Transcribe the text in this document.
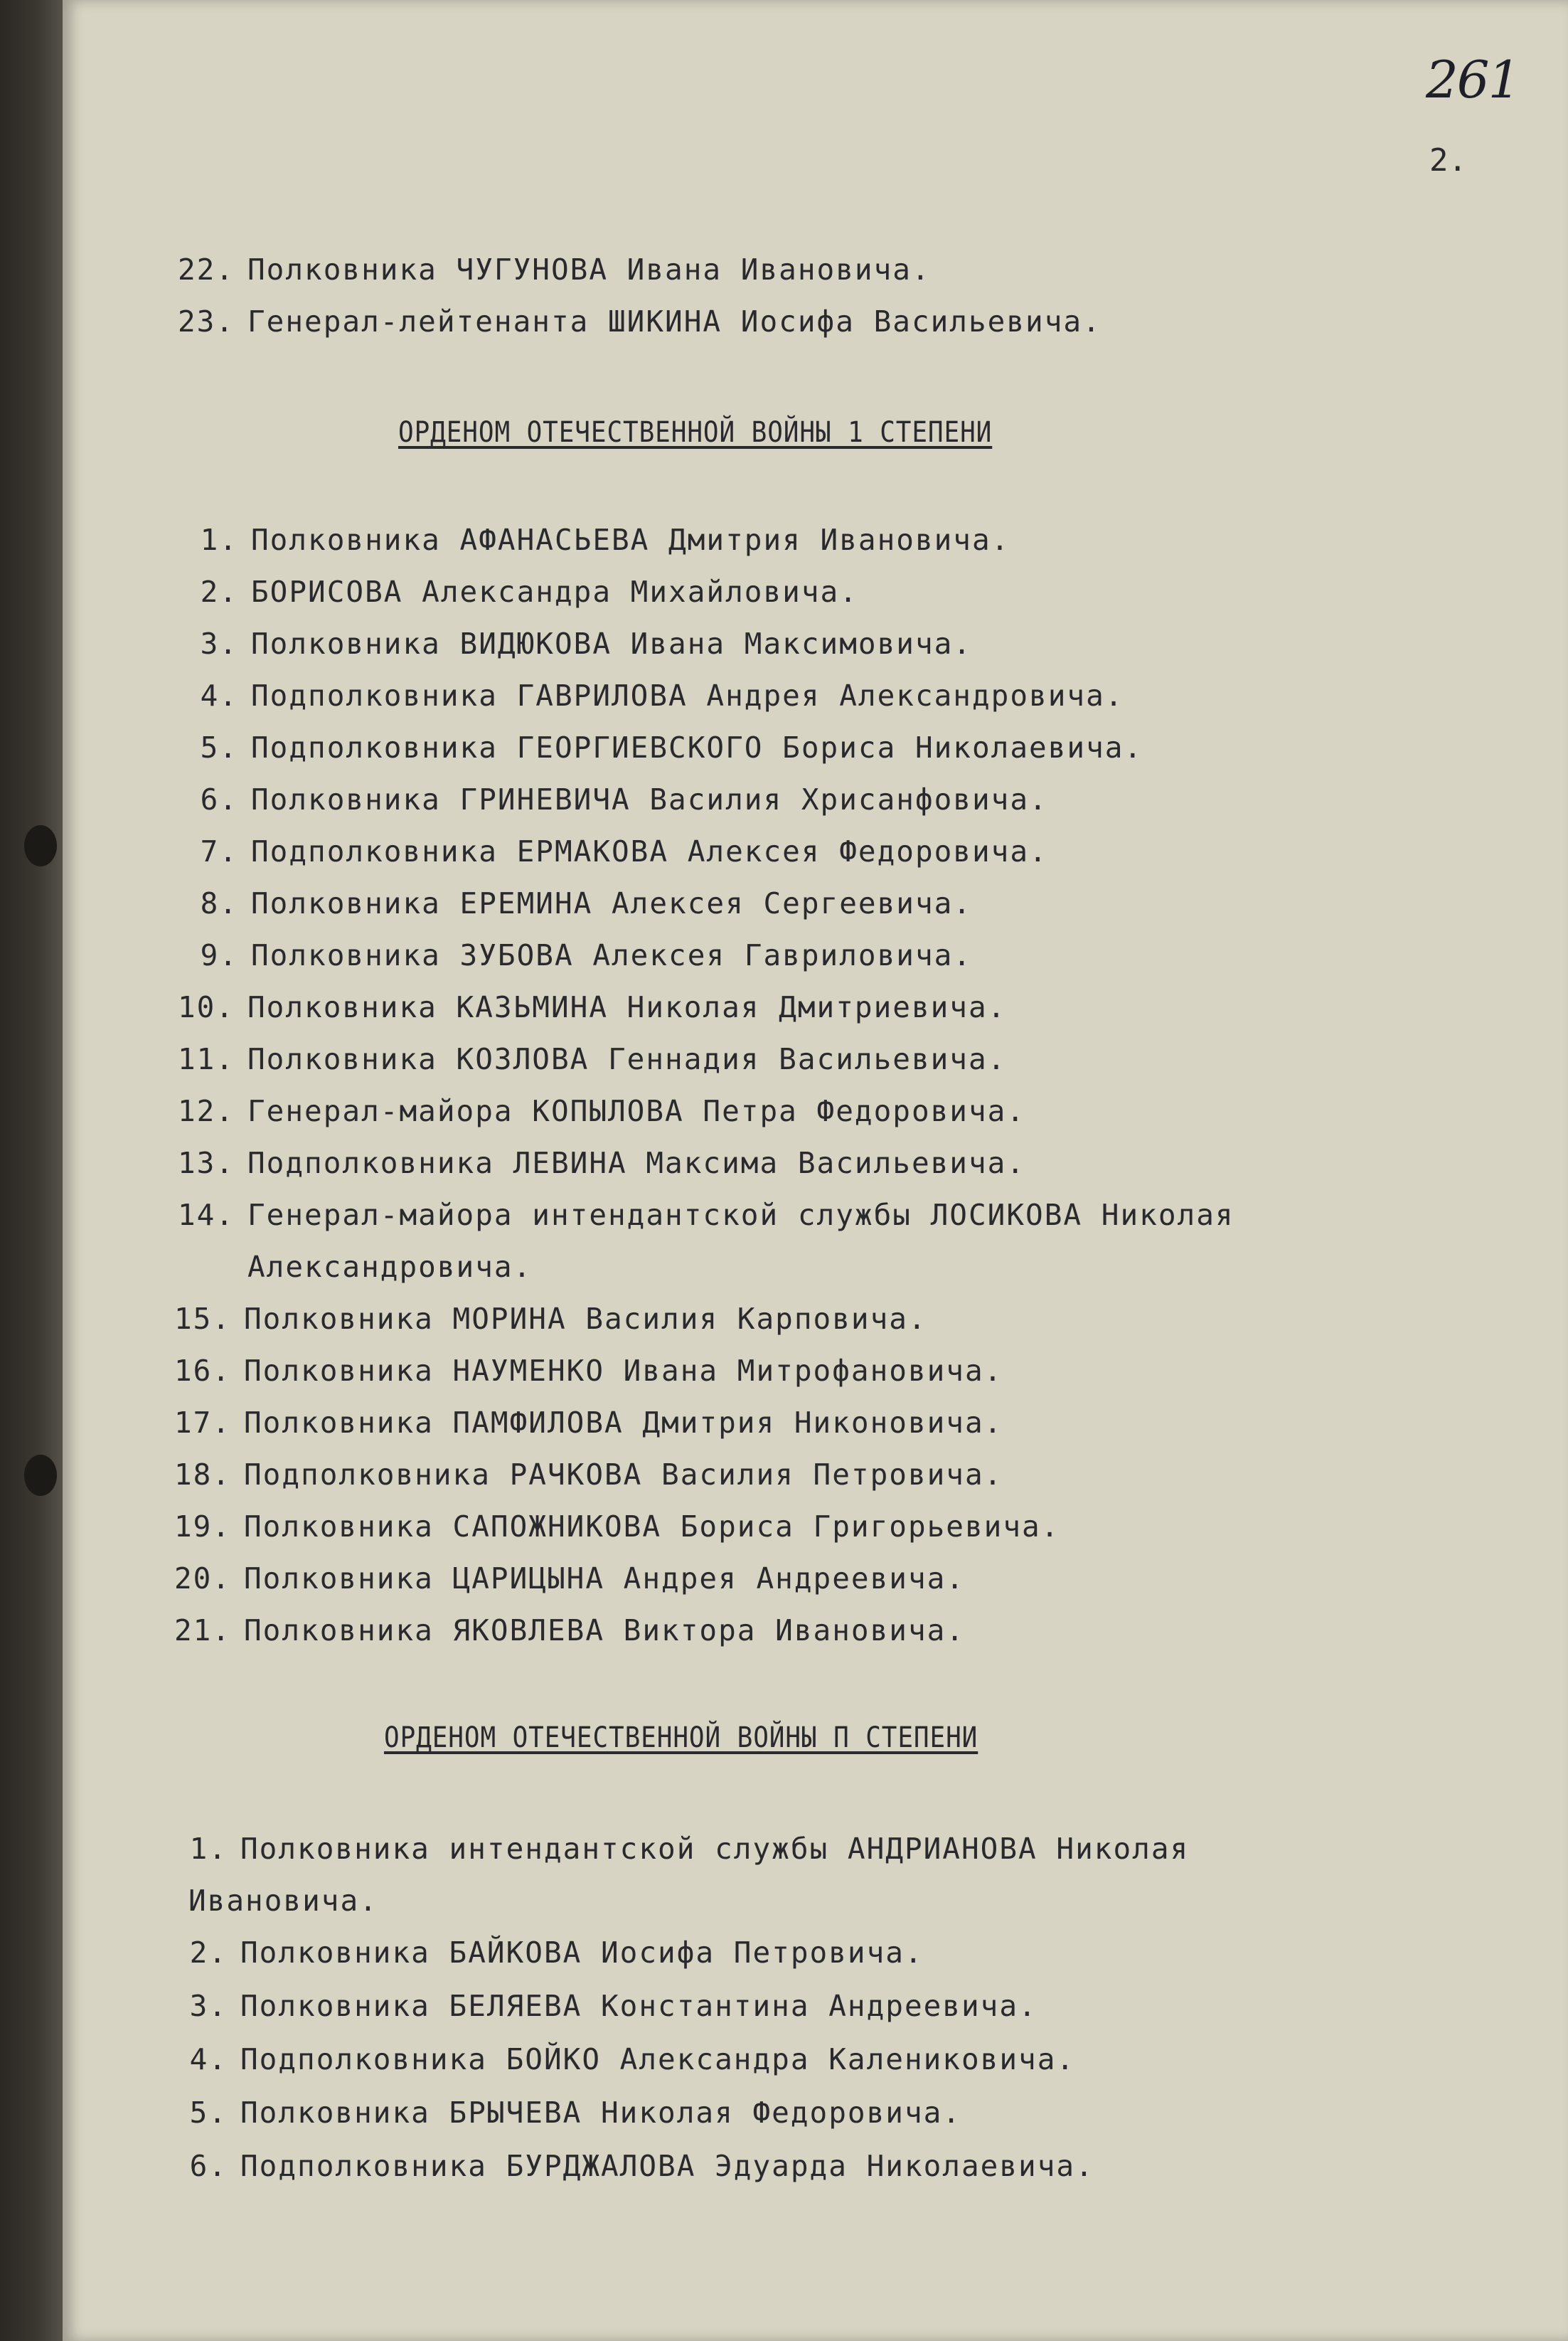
261
2.
22. Полковника ЧУГУНОВА Ивана Ивановича.
23. Генерал-лейтенанта ШИКИНА Иосифа Васильевича.
ОРДЕНОМ ОТЕЧЕСТВЕННОЙ ВОЙНЫ 1 СТЕПЕНИ
1. Полковника АФАНАСЬЕВА Дмитрия Ивановича.
2. БОРИСОВА Александра Михайловича.
3. Полковника ВИДЮКОВА Ивана Максимовича.
4. Подполковника ГАВРИЛОВА Андрея Александровича.
5. Подполковника ГЕОРГИЕВСКОГО Бориса Николаевича.
6. Полковника ГРИНЕВИЧА Василия Хрисанфовича.
7. Подполковника ЕРМАКОВА Алексея Федоровича.
8. Полковника ЕРЕМИНА Алексея Сергеевича.
9. Полковника ЗУБОВА Алексея Гавриловича.
10. Полковника КАЗЬМИНА Николая Дмитриевича.
11. Полковника КОЗЛОВА Геннадия Васильевича.
12. Генерал-майора КОПЫЛОВА Петра Федоровича.
13. Подполковника ЛЕВИНА Максима Васильевича.
14. Генерал-майора интендантской службы ЛОСИКОВА Николая
Александровича.
15. Полковника МОРИНА Василия Карповича.
16. Полковника НАУМЕНКО Ивана Митрофановича.
17. Полковника ПАМФИЛОВА Дмитрия Никоновича.
18. Подполковника РАЧКОВА Василия Петровича.
19. Полковника САПОЖНИКОВА Бориса Григорьевича.
20. Полковника ЦАРИЦЫНА Андрея Андреевича.
21. Полковника ЯКОВЛЕВА Виктора Ивановича.
ОРДЕНОМ ОТЕЧЕСТВЕННОЙ ВОЙНЫ П СТЕПЕНИ
1. Полковника интендантской службы АНДРИАНОВА Николая
Ивановича.
2. Полковника БАЙКОВА Иосифа Петровича.
3. Полковника БЕЛЯЕВА Константина Андреевича.
4. Подполковника БОЙКО Александра Калениковича.
5. Полковника БРЫЧЕВА Николая Федоровича.
6. Подполковника БУРДЖАЛОВА Эдуарда Николаевича.
